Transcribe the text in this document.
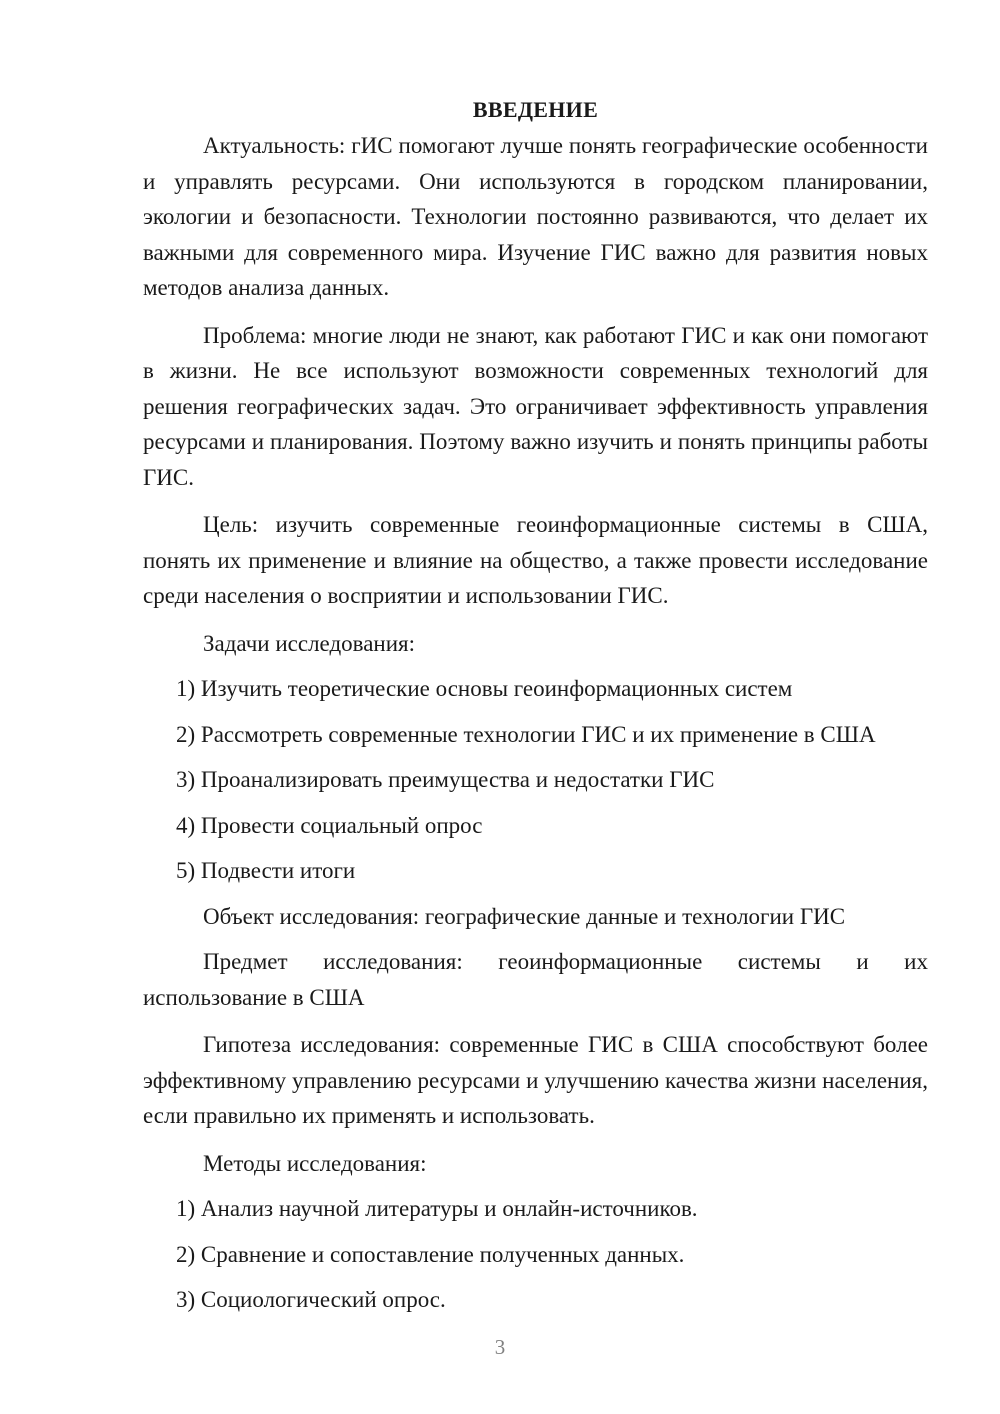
ВВЕДЕНИЕ

Актуальность: гИС помогают лучше понять географические особенности и управлять ресурсами. Они используются в городском планировании, экологии и безопасности. Технологии постоянно развиваются, что делает их важными для современного мира. Изучение ГИС важно для развития новых методов анализа данных.

Проблема: многие люди не знают, как работают ГИС и как они помогают в жизни. Не все используют возможности современных технологий для решения географических задач. Это ограничивает эффективность управления ресурсами и планирования. Поэтому важно изучить и понять принципы работы ГИС.

Цель: изучить современные геоинформационные системы в США, понять их применение и влияние на общество, а также провести исследование среди населения о восприятии и использовании ГИС.

Задачи исследования:

1) Изучить теоретические основы геоинформационных систем
2) Рассмотреть современные технологии ГИС и их применение в США
3) Проанализировать преимущества и недостатки ГИС
4) Провести социальный опрос
5) Подвести итоги

Объект исследования: географические данные и технологии ГИС

Предмет исследования: геоинформационные системы и их использование в США

Гипотеза исследования: современные ГИС в США способствуют более эффективному управлению ресурсами и улучшению качества жизни населения, если правильно их применять и использовать.

Методы исследования:

1) Анализ научной литературы и онлайн-источников.
2) Сравнение и сопоставление полученных данных.
3) Социологический опрос.
3
